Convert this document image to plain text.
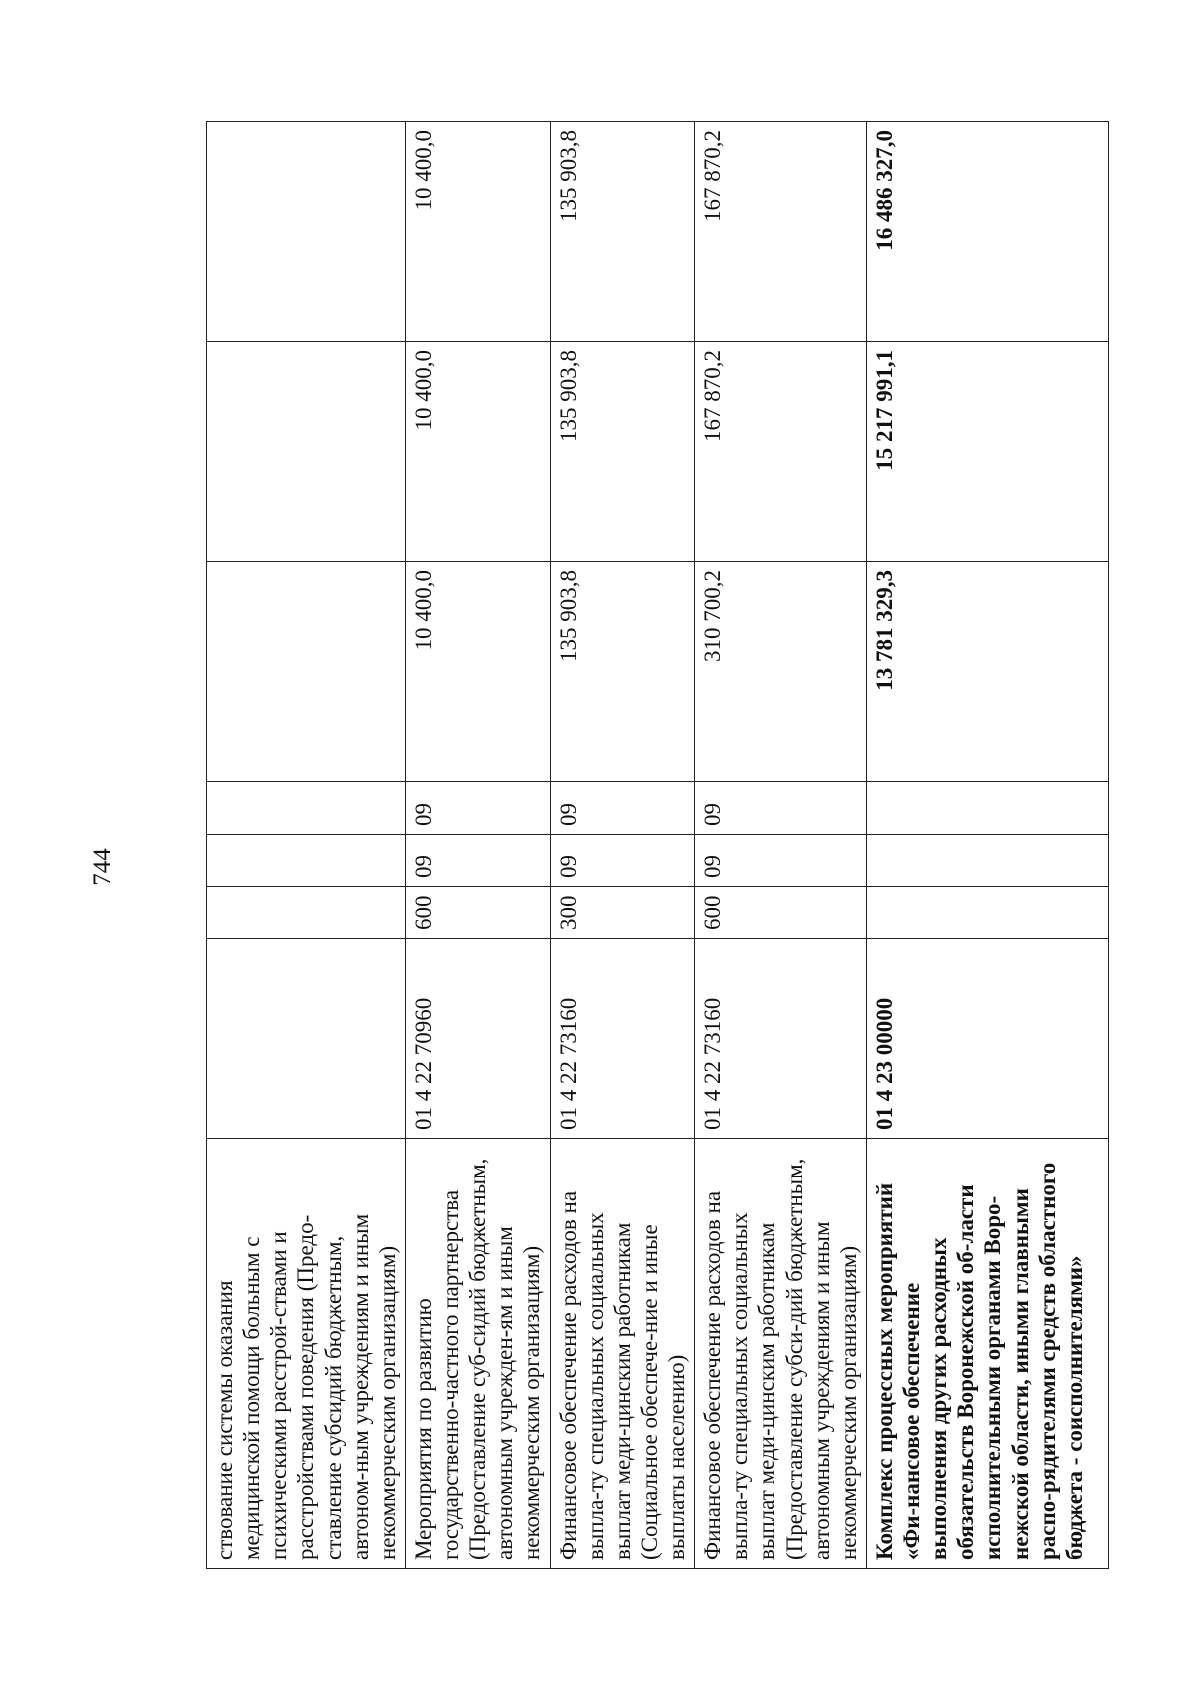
744
ствование системы оказания медицинской помощи больным с психическими расстрой-ствами и расстройствами поведения (Предо-ставление субсидий бюджетным, автоном-ным учреждениям и иным некоммерческим организациям)							
Мероприятия по развитию государственно-частного партнерства (Предоставление суб-сидий бюджетным, автономным учрежден-ям и иным некоммерческим организациям)	01 4 22 70960	600	09	09	10 400,0	10 400,0	10 400,0
Финансовое обеспечение расходов на выпла-ту специальных социальных выплат меди-цинским работникам (Социальное обеспече-ние и иные выплаты населению)	01 4 22 73160	300	09	09	135 903,8	135 903,8	135 903,8
Финансовое обеспечение расходов на выпла-ту специальных социальных выплат меди-цинским работникам (Предоставление субси-дий бюджетным, автономным учреждениям и иным некоммерческим организациям)	01 4 22 73160	600	09	09	310 700,2	167 870,2	167 870,2
Комплекс процессных мероприятий «Фи-нансовое обеспечение выполнения других расходных обязательств Воронежской об-ласти исполнительными органами Воро-нежской области, иными главными распо-рядителями средств областного бюджета - соисполнителями»	01 4 23 00000				13 781 329,3	15 217 991,1	16 486 327,0
